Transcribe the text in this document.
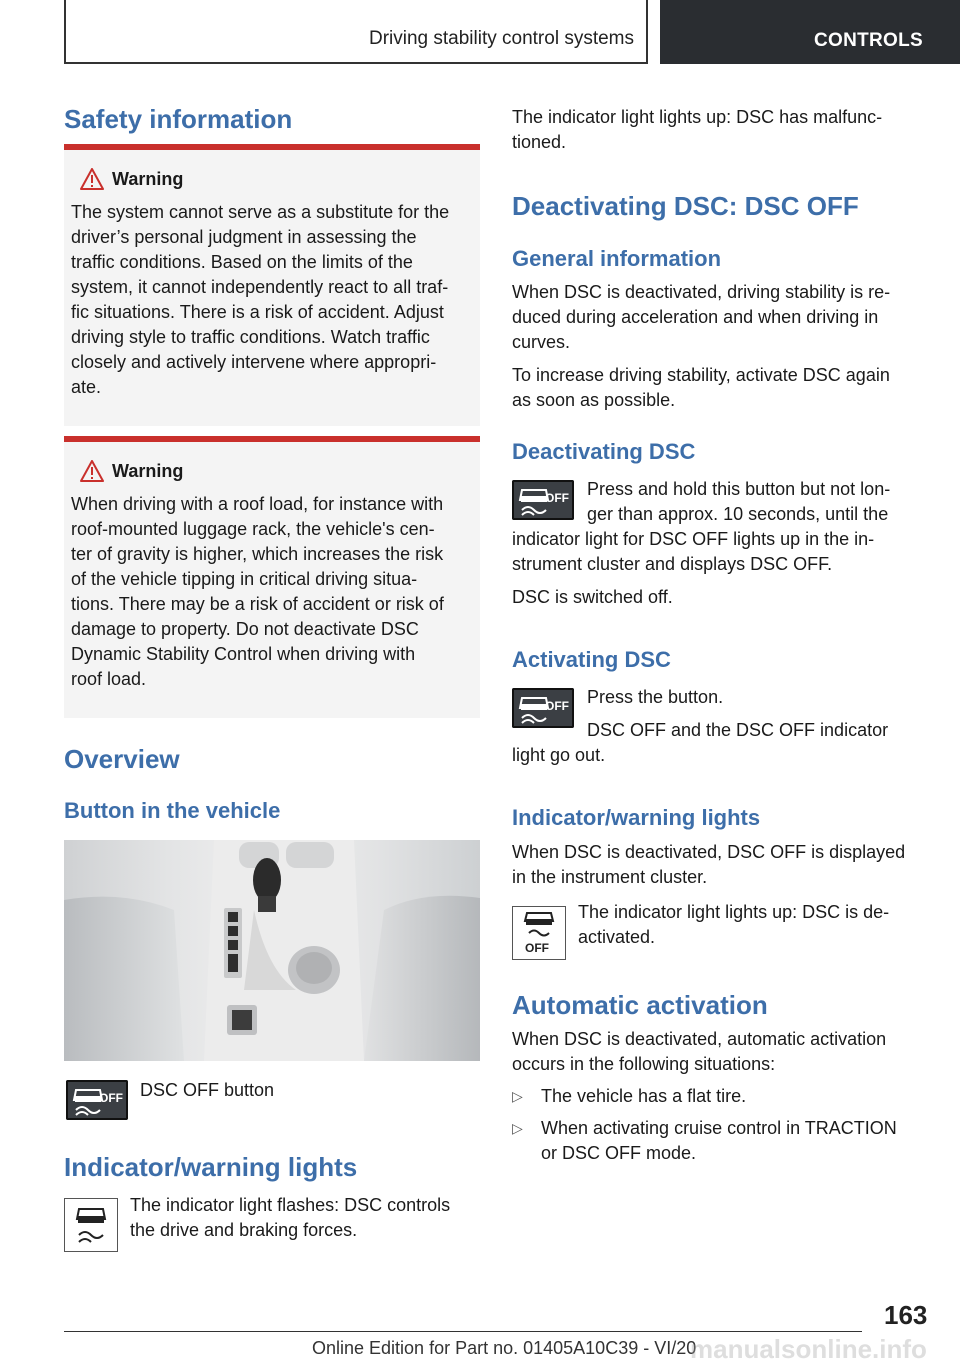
Driving stability control systems	CONTROLS
Safety information
Warning
The system cannot serve as a substitute for the
driver’s personal judgment in assessing the
traffic conditions. Based on the limits of the
system, it cannot independently react to all traf-
fic situations. There is a risk of accident. Adjust
driving style to traffic conditions. Watch traffic
closely and actively intervene where appropri-
ate.
Warning
When driving with a roof load, for instance with
roof-mounted luggage rack, the vehicle's cen-
ter of gravity is higher, which increases the risk
of the vehicle tipping in critical driving situa-
tions. There may be a risk of accident or risk of
damage to property. Do not deactivate DSC
Dynamic Stability Control when driving with
roof load.
Overview
Button in the vehicle
OFF DSC OFF button
Indicator/warning lights
The indicator light flashes: DSC controls
the drive and braking forces.
The indicator light lights up: DSC has malfunc-
tioned.
Deactivating DSC: DSC OFF
General information
When DSC is deactivated, driving stability is re-
duced during acceleration and when driving in
curves.
To increase driving stability, activate DSC again
as soon as possible.
Deactivating DSC
OFF Press and hold this button but not lon-
ger than approx. 10 seconds, until the
indicator light for DSC OFF lights up in the in-
strument cluster and displays DSC OFF.
DSC is switched off.
Activating DSC
OFF Press the button.
DSC OFF and the DSC OFF indicator
light go out.
Indicator/warning lights
When DSC is deactivated, DSC OFF is displayed
in the instrument cluster.
OFF
The indicator light lights up: DSC is de-
activated.
Automatic activation
When DSC is deactivated, automatic activation
occurs in the following situations:
▷ The vehicle has a flat tire.
▷ When activating cruise control in TRACTION
or DSC OFF mode.
163
Online Edition for Part no. 01405A10C39 - VI/20
manualsonline.info
